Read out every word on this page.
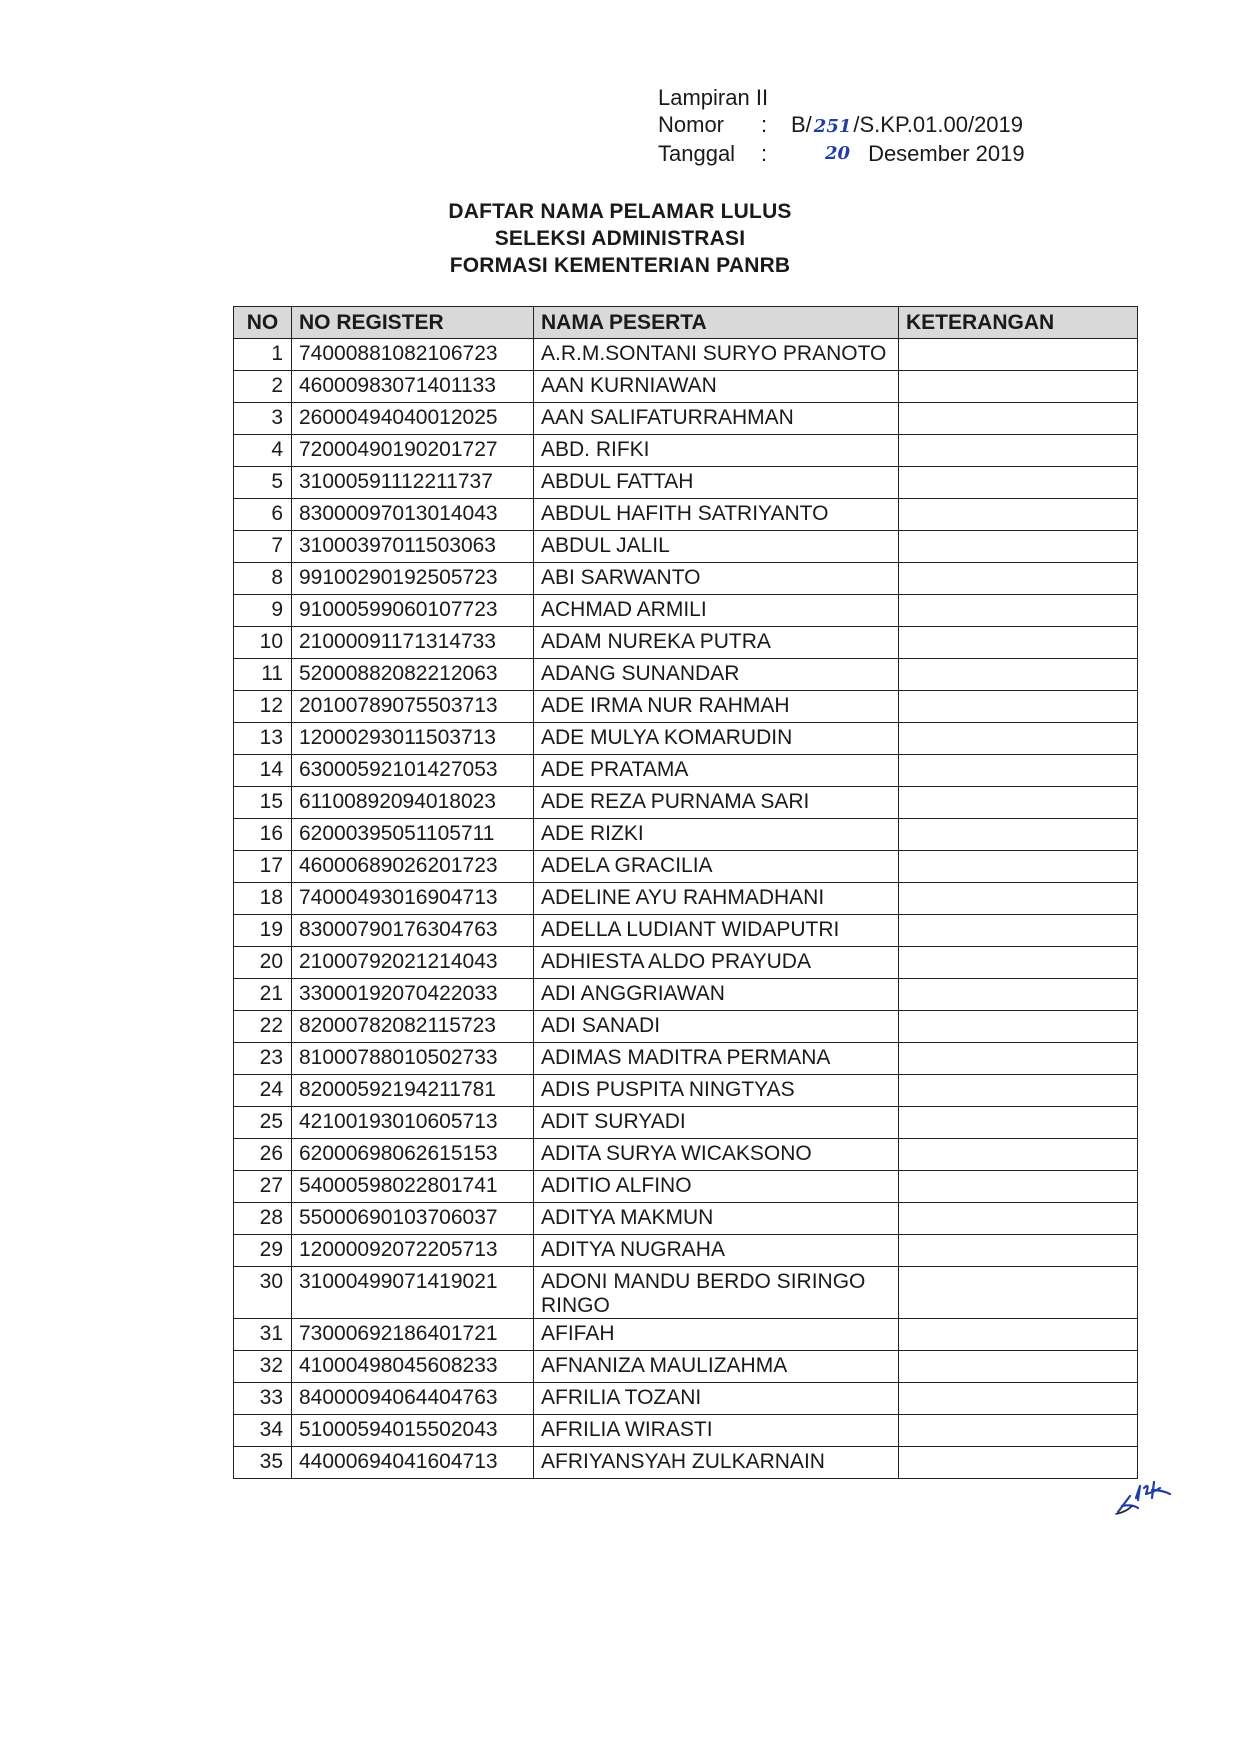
Lampiran II
Nomor	:	B/ 251/S.KP.01.00/2019
Tanggal	:	20 Desember 2019
DAFTAR NAMA PELAMAR LULUS
SELEKSI ADMINISTRASI
FORMASI KEMENTERIAN PANRB
NO	NO REGISTER	NAMA PESERTA	KETERANGAN
1	74000881082106723	A.R.M.SONTANI SURYO PRANOTO	
2	46000983071401133	AAN KURNIAWAN	
3	26000494040012025	AAN SALIFATURRAHMAN	
4	72000490190201727	ABD. RIFKI	
5	31000591112211737	ABDUL FATTAH	
6	83000097013014043	ABDUL HAFITH SATRIYANTO	
7	31000397011503063	ABDUL JALIL	
8	99100290192505723	ABI SARWANTO	
9	91000599060107723	ACHMAD ARMILI	
10	21000091171314733	ADAM NUREKA PUTRA	
11	52000882082212063	ADANG SUNANDAR	
12	20100789075503713	ADE IRMA NUR RAHMAH	
13	12000293011503713	ADE MULYA KOMARUDIN	
14	63000592101427053	ADE PRATAMA	
15	61100892094018023	ADE REZA PURNAMA SARI	
16	62000395051105711	ADE RIZKI	
17	46000689026201723	ADELA GRACILIA	
18	74000493016904713	ADELINE AYU RAHMADHANI	
19	83000790176304763	ADELLA LUDIANT WIDAPUTRI	
20	21000792021214043	ADHIESTA ALDO PRAYUDA	
21	33000192070422033	ADI ANGGRIAWAN	
22	82000782082115723	ADI SANADI	
23	81000788010502733	ADIMAS MADITRA PERMANA	
24	82000592194211781	ADIS PUSPITA NINGTYAS	
25	42100193010605713	ADIT SURYADI	
26	62000698062615153	ADITA SURYA WICAKSONO	
27	54000598022801741	ADITIO ALFINO	
28	55000690103706037	ADITYA MAKMUN	
29	12000092072205713	ADITYA NUGRAHA	
30	31000499071419021	ADONI MANDU BERDO SIRINGO RINGO	
31	73000692186401721	AFIFAH	
32	41000498045608233	AFNANIZA MAULIZAHMA	
33	84000094064404763	AFRILIA TOZANI	
34	51000594015502043	AFRILIA WIRASTI	
35	44000694041604713	AFRIYANSYAH ZULKARNAIN	
